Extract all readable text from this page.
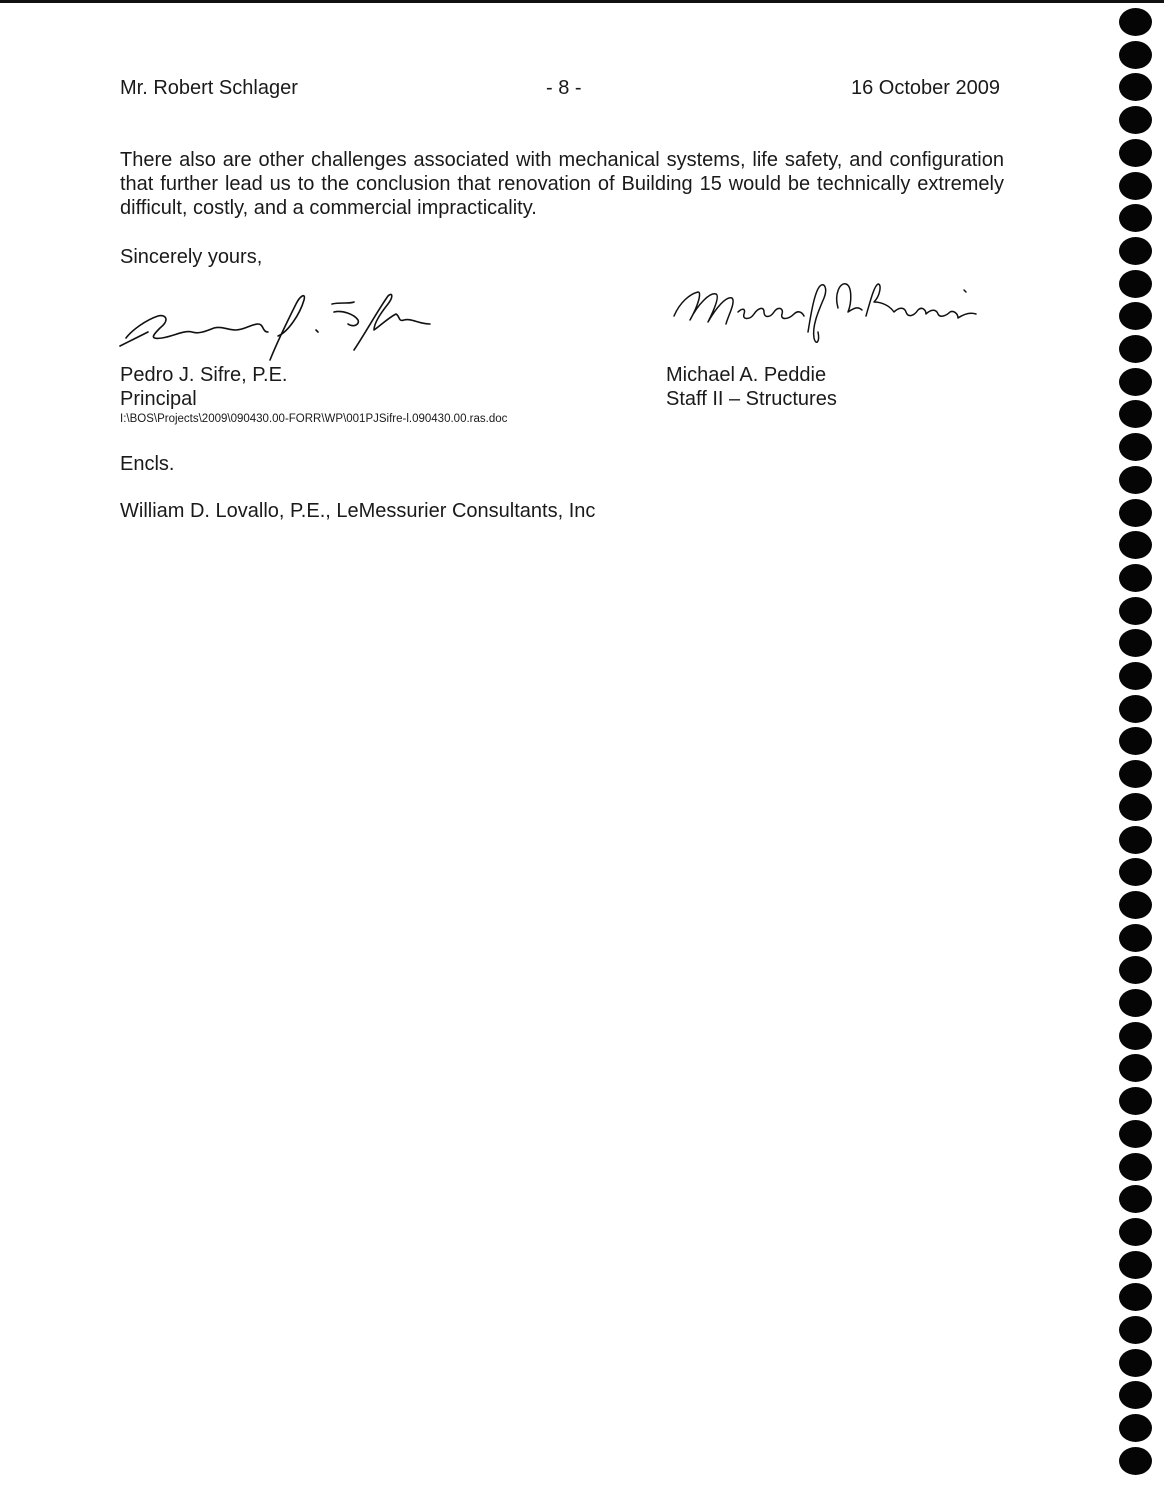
Mr. Robert Schlager	- 8 -	16 October 2009
There also are other challenges associated with mechanical systems, life safety, and configuration that further lead us to the conclusion that renovation of Building 15 would be technically extremely difficult, costly, and a commercial impracticality.
Sincerely yours,
Pedro J. Sifre, P.E.
Principal
I:\BOS\Projects\2009\090430.00-FORR\WP\001PJSifre-l.090430.00.ras.doc
Michael A. Peddie
Staff II – Structures
Encls.
William D. Lovallo, P.E., LeMessurier Consultants, Inc
